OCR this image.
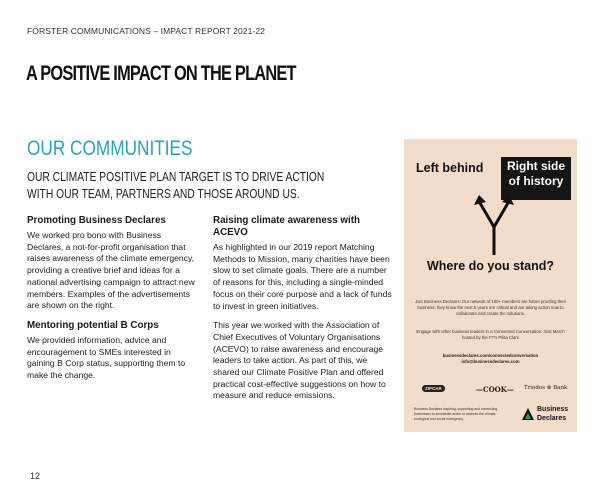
FORSTER COMMUNICATIONS – IMPACT REPORT 2021-22
A POSITIVE IMPACT ON THE PLANET
OUR COMMUNITIES

OUR CLIMATE POSITIVE PLAN TARGET IS TO DRIVE ACTION
WITH OUR TEAM, PARTNERS AND THOSE AROUND US.

Promoting Business Declares

We worked pro bono with Business Declares, a not-for-profit organisation that raises awareness of the climate emergency, providing a creative brief and ideas for a national advertising campaign to attract new members. Examples of the advertisements are shown on the right.

Mentoring potential B Corps

We provided information, advice and encouragement to SMEs interested in gaining B Corp status, supporting them to make the change.

Raising climate awareness with ACEVO

As highlighted in our 2019 report Matching Methods to Mission, many charities have been slow to set climate goals. There are a number of reasons for this, including a single-minded focus on their core purpose and a lack of funds to invest in green initiatives.

This year we worked with the Association of Chief Executives of Voluntary Organisations (ACEVO) to raise awareness and encourage leaders to take action. As part of this, we shared our Climate Positive Plan and offered practical cost-effective suggestions on how to measure and reduce emissions.

Left behind	Right side
of history
Where do you stand?
Join Business Declares: Our network of 100+ members are future proofing their business; they know the next 5 years are critical and are taking action now to collaborate and create the solutions.
Engage with other business leaders in a Connected Conversation: 31st March hosted by the FT's Pilita Clark
businessdeclares.com/connectedconversation
info@businessdeclares.com
ZIPCAR	—COOK— Triodos ⊗ Bank
Business Declares inspiring, supporting and connecting businesses to accelerate action to address the climate, ecological and social emergency.
Business
Declares
12
